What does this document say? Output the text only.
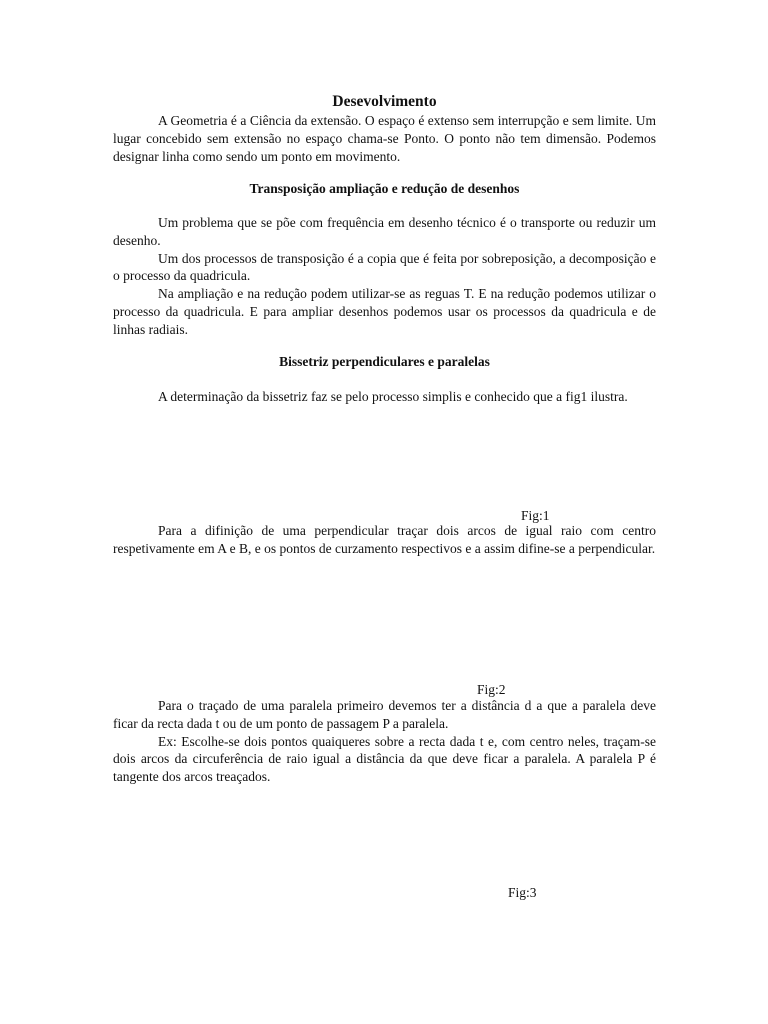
Desevolvimento

A Geometria é a Ciência da extensão. O espaço é extenso sem interrupção e sem limite. Um lugar concebido sem extensão no espaço chama-se Ponto. O ponto não tem dimensão. Podemos designar linha como sendo um ponto em movimento.

Transposição ampliação e redução de desenhos

Um problema que se põe com frequência em desenho técnico é o transporte ou reduzir um desenho.

Um dos processos de transposição é a copia que é feita por sobreposição, a decomposição e o processo da quadricula.

Na ampliação e na redução podem utilizar-se as reguas T. E na redução podemos utilizar o processo da quadricula. E para ampliar desenhos podemos usar os processos da quadricula e de linhas radiais.

Bissetriz perpendiculares e paralelas

A determinação da bissetriz faz se pelo processo simplis e conhecido que a fig1 ilustra.

Fig:1

Para a difinição de uma perpendicular traçar dois arcos de igual raio com centro respetivamente em A e B, e os pontos de curzamento respectivos e a assim difine-se a perpendicular.

Fig:2

Para o traçado de uma paralela primeiro devemos ter a distância d a que a paralela deve ficar da recta dada t ou de um ponto de passagem P a paralela.

Ex: Escolhe-se dois pontos quaiqueres sobre a recta dada t e, com centro neles, traçam-se dois arcos da circuferência de raio igual a distância da que deve ficar a paralela. A paralela P é tangente dos arcos treaçados.

Fig:3
